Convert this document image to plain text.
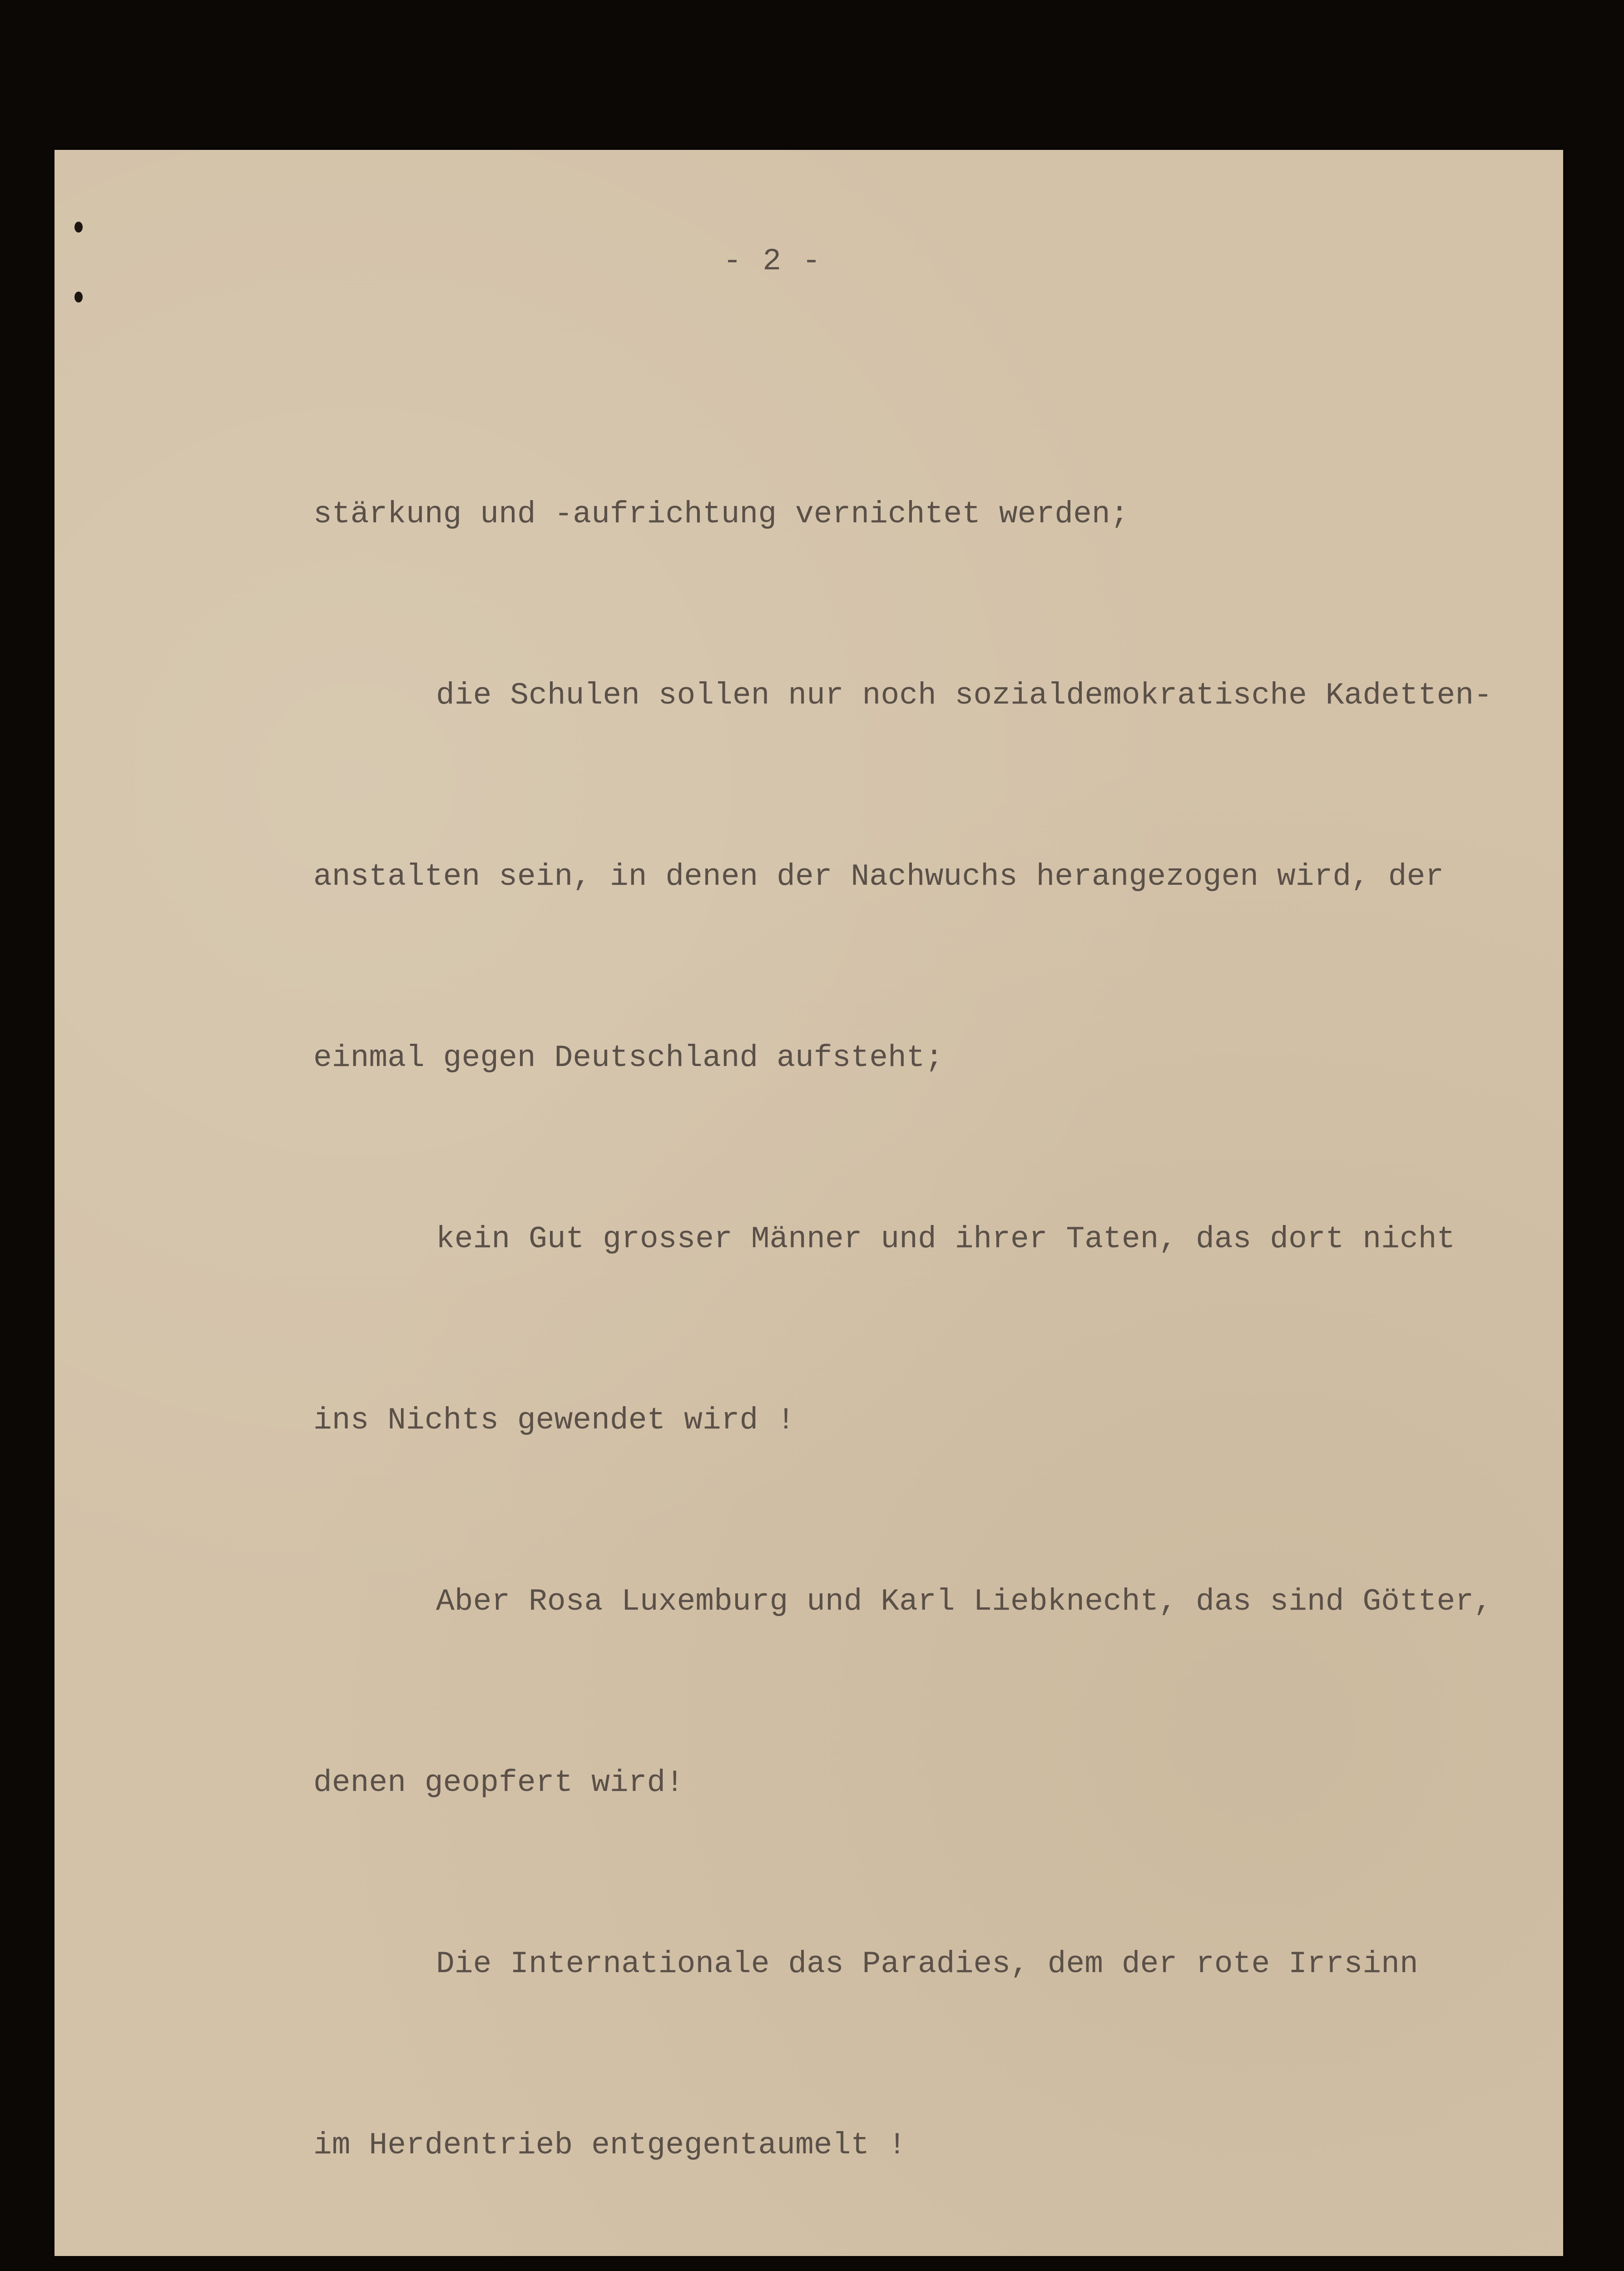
- 2 -

stärkung und -aufrichtung vernichtet werden;

die Schulen sollen nur noch sozialdemokratische Kadetten-

anstalten sein, in denen der Nachwuchs herangezogen wird, der

einmal gegen Deutschland aufsteht;

kein Gut grosser Männer und ihrer Taten, das dort nicht

ins Nichts gewendet wird !

Aber Rosa Luxemburg und Karl Liebknecht, das sind Götter,

denen geopfert wird!

Die Internationale das Paradies, dem der rote Irrsinn

im Herdentrieb entgegentaumelt !
